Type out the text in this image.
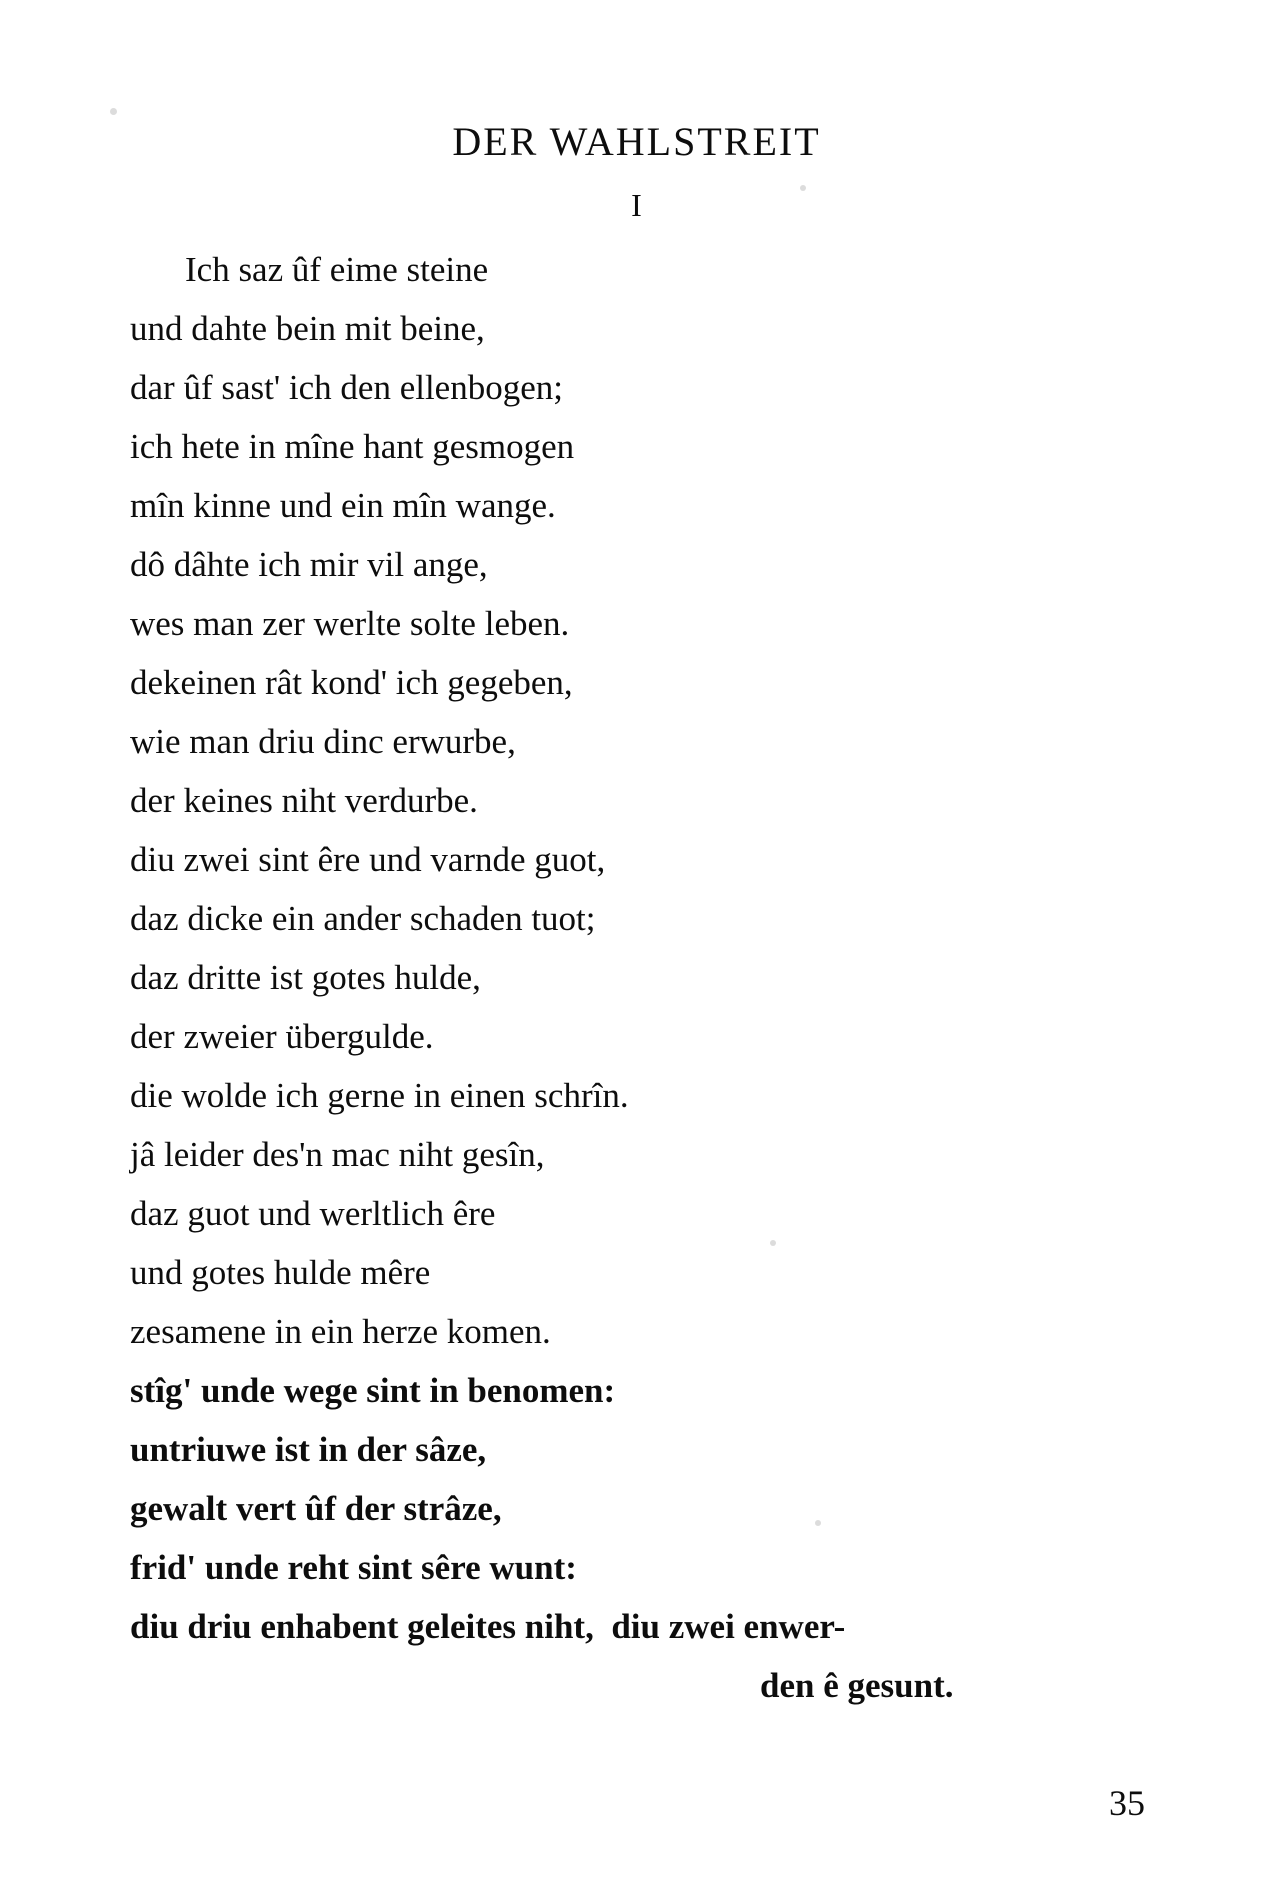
DER WAHLSTREIT
I
Ich saz ûf eime steine
und dahte bein mit beine,
dar ûf sast' ich den ellenbogen;
ich hete in mîne hant gesmogen
mîn kinne und ein mîn wange.
dô dâhte ich mir vil ange,
wes man zer werlte solte leben.
dekeinen rât kond' ich gegeben,
wie man driu dinc erwurbe,
der keines niht verdurbe.
diu zwei sint êre und varnde guot,
daz dicke ein ander schaden tuot;
daz dritte ist gotes hulde,
der zweier übergulde.
die wolde ich gerne in einen schrîn.
jâ leider des'n mac niht gesîn,
daz guot und werltlich êre
und gotes hulde mêre
zesamene in ein herze komen.
stîg' unde wege sint in benomen:
untriuwe ist in der sâze,
gewalt vert ûf der strâze,
frid' unde reht sint sêre wunt:
diu driu enhabent geleites niht,  diu zwei enwer-
den ê gesunt.
35
